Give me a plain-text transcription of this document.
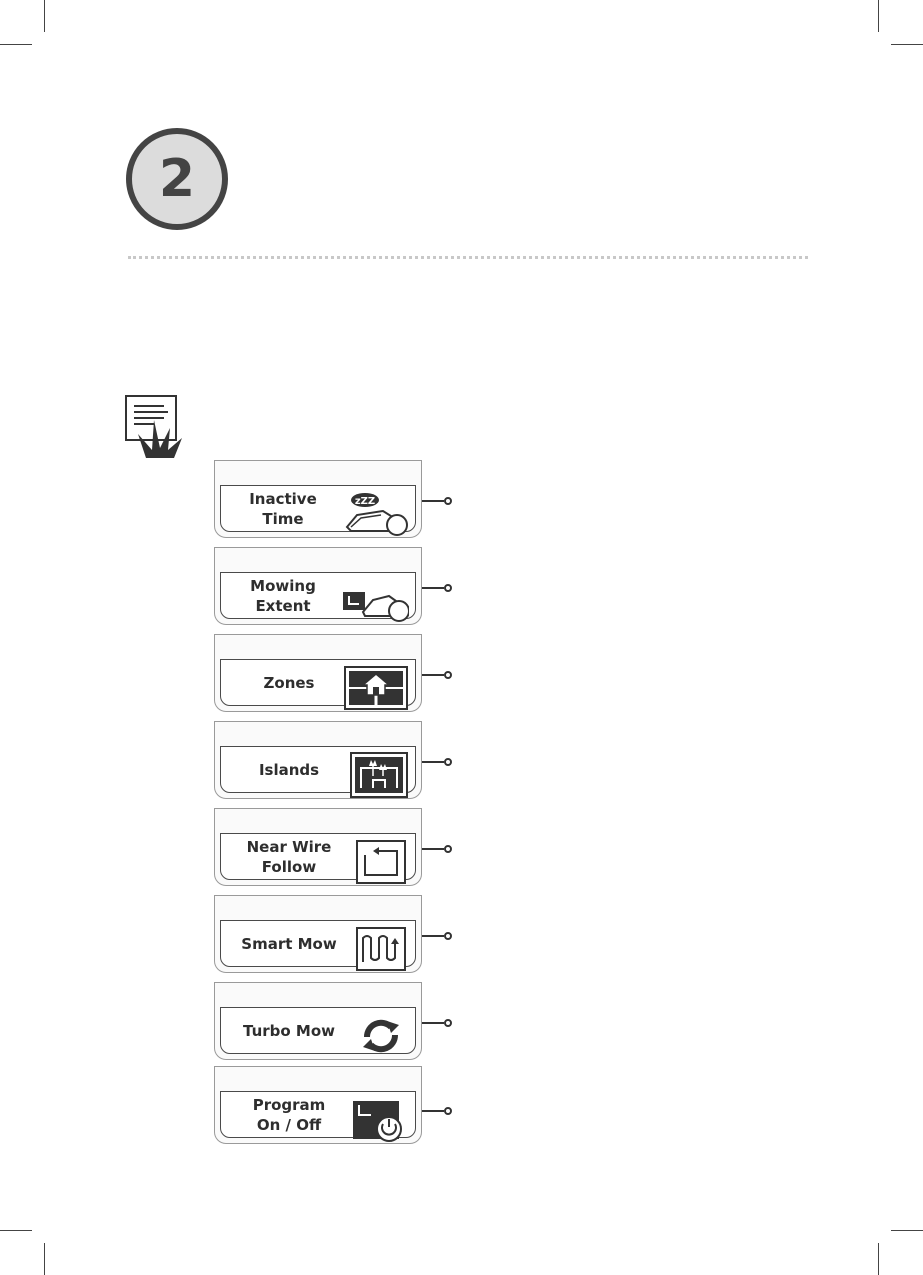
2
Inactive
Time
zZZ
Mowing
Extent
Zones
Islands
Near Wire
Follow
Smart Mow
Turbo Mow
Program
On / Off
